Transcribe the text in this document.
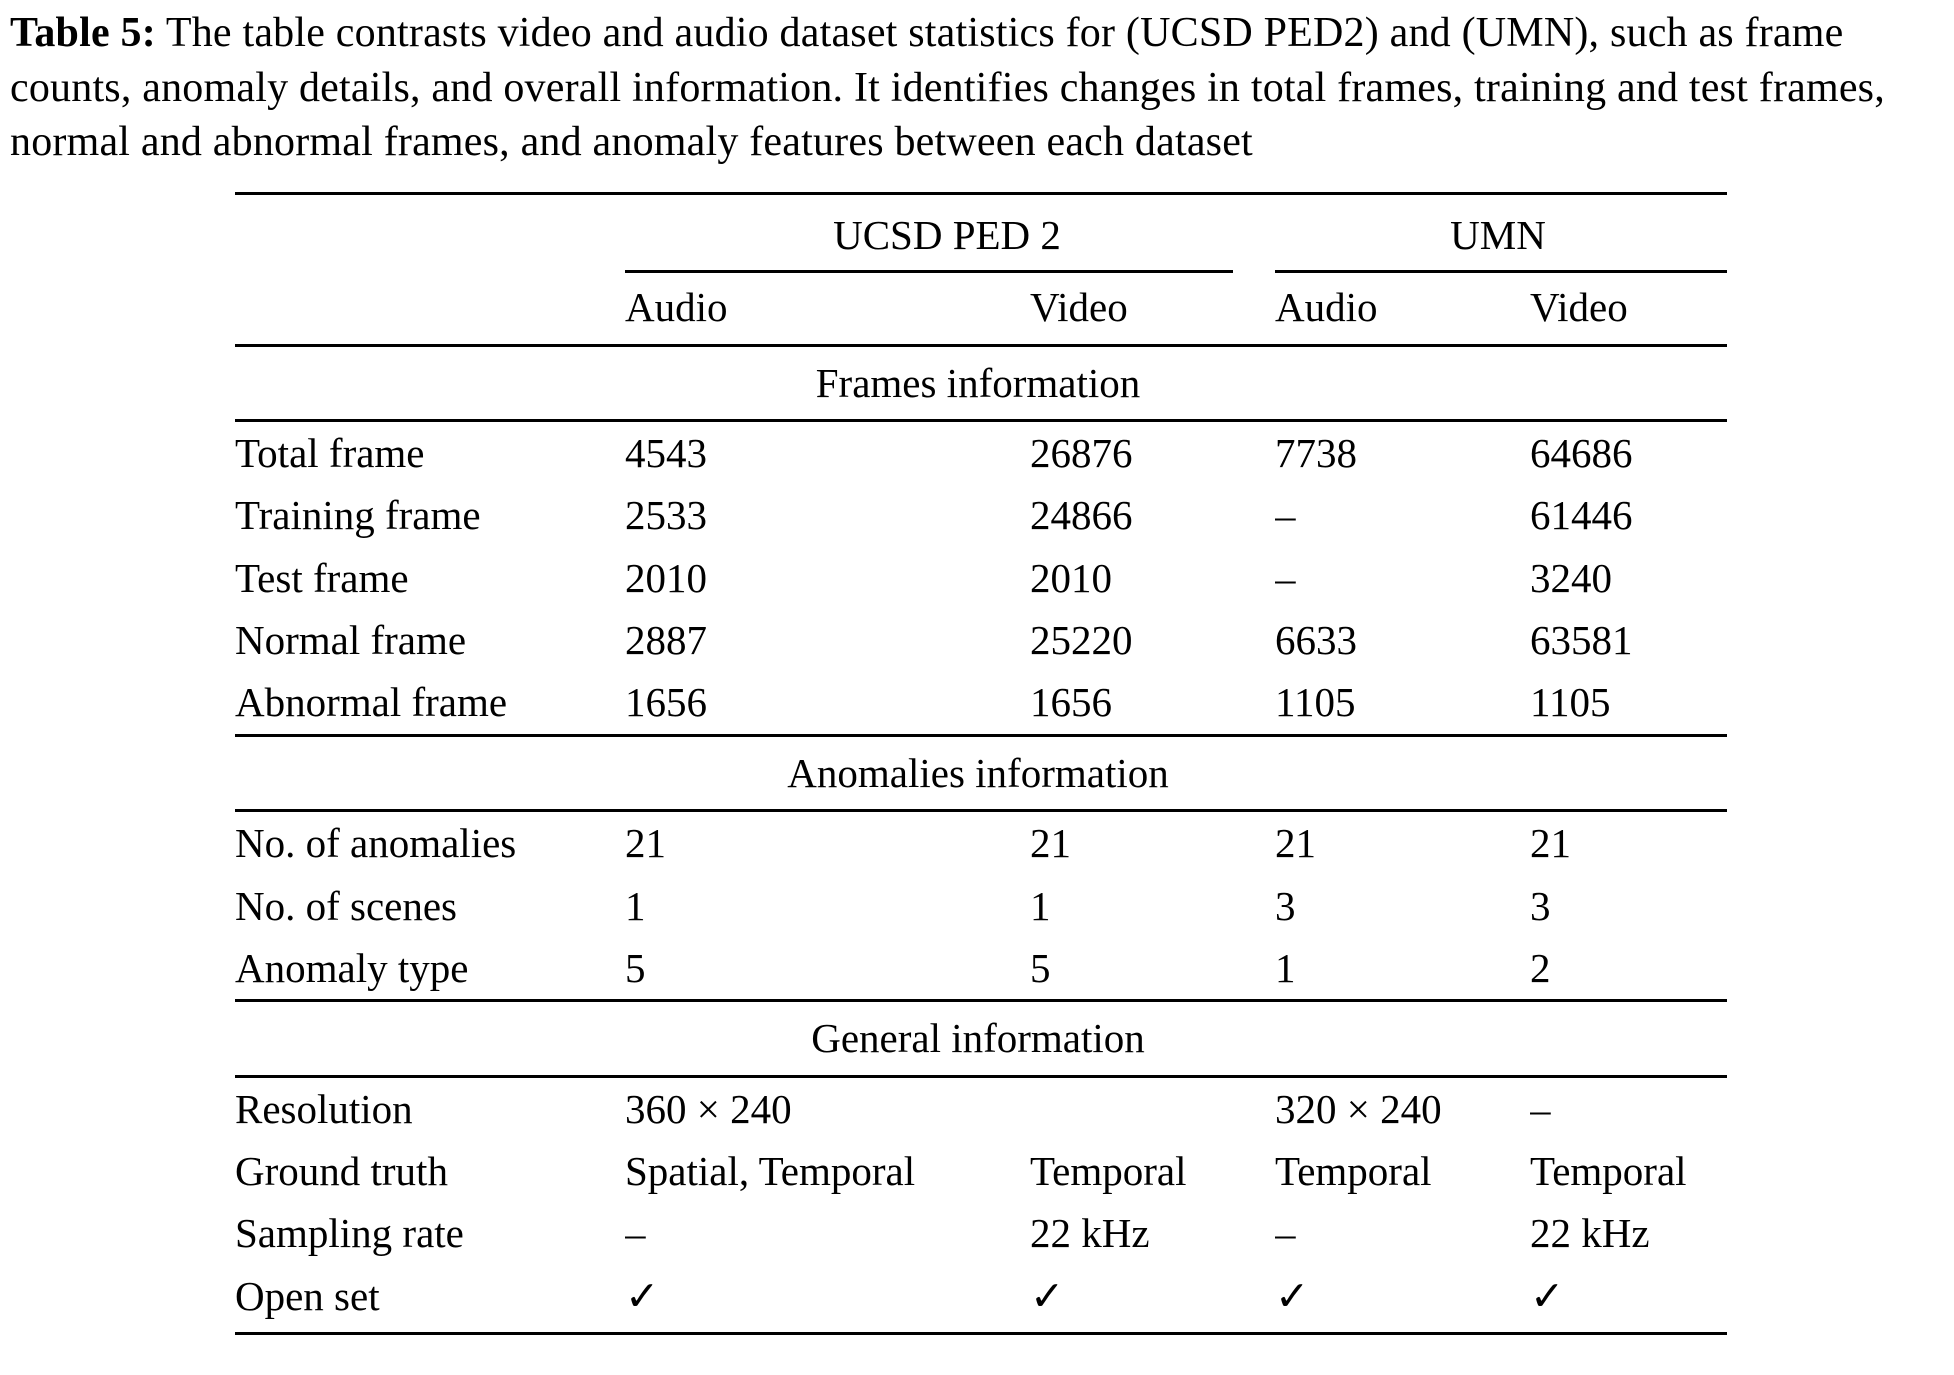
Table 5: The table contrasts video and audio dataset statistics for (UCSD PED2) and (UMN), such as frame counts, anomaly details, and overall information. It identifies changes in total frames, training and test frames, normal and abnormal frames, and anomaly features between each dataset

	UCSD PED 2		UMN	
	Audio	Video	Audio	Video
Frames information				
Total frame	4543	26876	7738	64686
Training frame	2533	24866	–	61446
Test frame	2010	2010	–	3240
Normal frame	2887	25220	6633	63581
Abnormal frame	1656	1656	1105	1105
Anomalies information				
No. of anomalies	21	21	21	21
No. of scenes	1	1	3	3
Anomaly type	5	5	1	2
General information				
Resolution	360 × 240		320 × 240	–
Ground truth	Spatial, Temporal	Temporal	Temporal	Temporal
Sampling rate	–	22 kHz	–	22 kHz
Open set	✓	✓	✓	✓
